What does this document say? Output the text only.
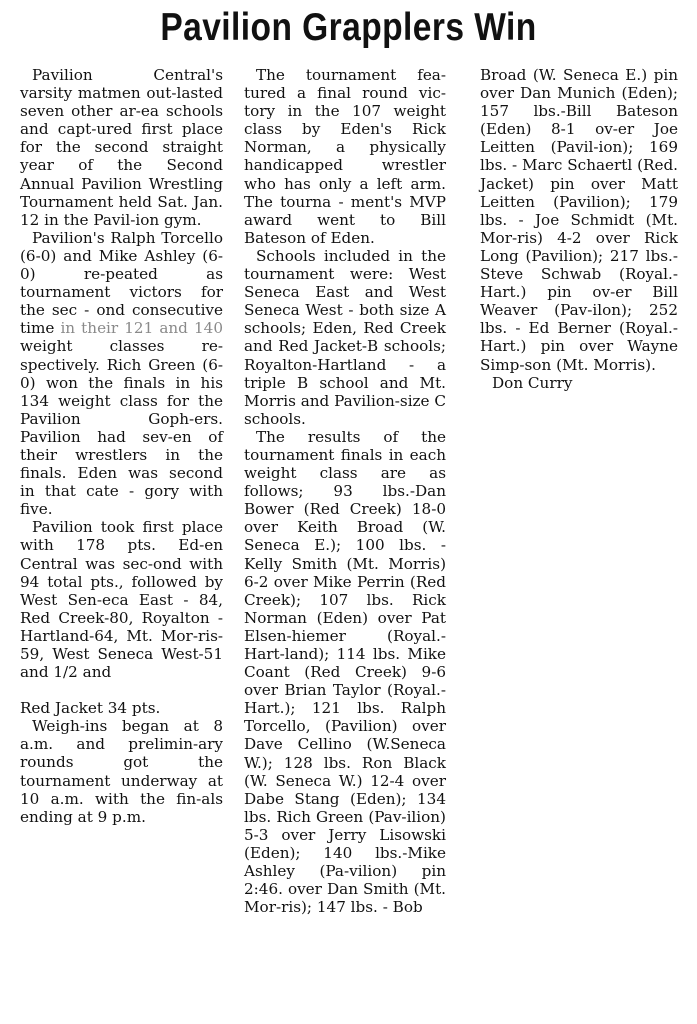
Pavilion Grapplers Win

Pavilion Central's varsity matmen out-lasted seven other ar-ea schools and capt-ured first place for the second straight year of the Second Annual Pavilion Wrestling Tournament held Sat. Jan. 12 in the Pavil-ion gym.

Pavilion's Ralph Torcello (6-0) and Mike Ashley (6-0) re-peated as tournament victors for the sec - ond consecutive time in their 121 and 140 weight classes re-spectively. Rich Green (6-0) won the finals in his 134 weight class for the Pavilion Goph-ers. Pavilion had sev-en of their wrestlers in the finals. Eden was second in that cate - gory with five.

Pavilion took first place with 178 pts. Ed-en Central was sec-ond with 94 total pts., followed by West Sen-eca East - 84, Red Creek-80, Royalton - Hartland-64, Mt. Mor-ris-59, West Seneca West-51 and 1/2 and

Red Jacket 34 pts.

Weigh-ins began at 8 a.m. and prelimin-ary rounds got the tournament underway at 10 a.m. with the fin-als ending at 9 p.m.

The tournament fea-tured a final round vic-tory in the 107 weight class by Eden's Rick Norman, a physically handicapped wrestler who has only a left arm. The tourna - ment's MVP award went to Bill Bateson of Eden.

Schools included in the tournament were: West Seneca East and West Seneca West - both size A schools; Eden, Red Creek and Red Jacket-B schools; Royalton-Hartland - a triple B school and Mt. Morris and Pavilion-size C schools.

The results of the tournament finals in each weight class are as follows; 93 lbs.-Dan Bower (Red Creek) 18-0 over Keith Broad (W. Seneca E.); 100 lbs. - Kelly Smith (Mt. Morris) 6-2 over Mike Perrin (Red Creek); 107 lbs. Rick Norman (Eden) over Pat Elsen-hiemer (Royal.-Hart-land); 114 lbs. Mike Coant (Red Creek) 9-6 over Brian Taylor (Royal.-Hart.); 121 lbs. Ralph Torcello, (Pavilion) over Dave Cellino (W.Seneca W.); 128 lbs. Ron Black (W. Seneca W.) 12-4 over Dabe Stang (Eden); 134 lbs. Rich Green (Pav-ilion) 5-3 over Jerry Lisowski (Eden); 140 lbs.-Mike Ashley (Pa-vilion) pin 2:46. over Dan Smith (Mt. Mor-ris); 147 lbs. - Bob

Broad (W. Seneca E.) pin over Dan Munich (Eden); 157 lbs.-Bill Bateson (Eden) 8-1 ov-er Joe Leitten (Pavil-ion); 169 lbs. - Marc Schaertl (Red. Jacket) pin over Matt Leitten (Pavilion); 179 lbs. - Joe Schmidt (Mt. Mor-ris) 4-2 over Rick Long (Pavilion); 217 lbs.- Steve Schwab (Royal.-Hart.) pin ov-er Bill Weaver (Pav-ilon); 252 lbs. - Ed Berner (Royal.-Hart.) pin over Wayne Simp-son (Mt. Morris).

Don Curry
